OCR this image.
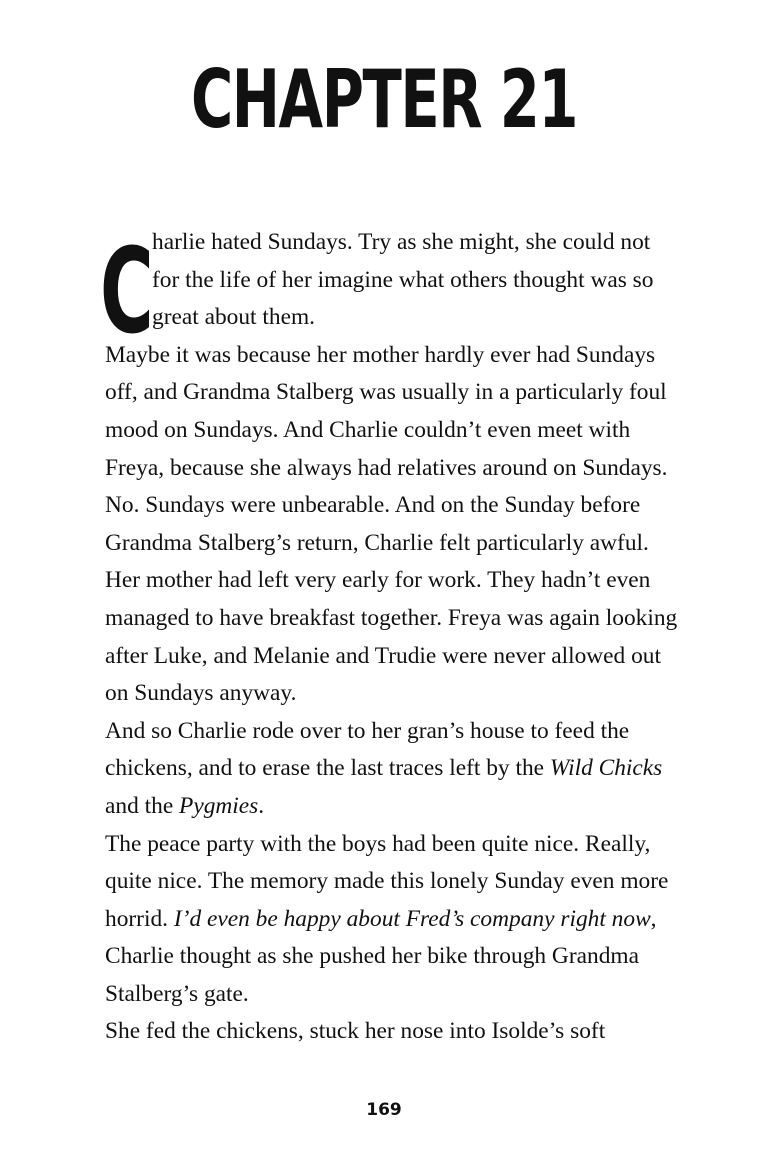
CHAPTER 21
C

harlie hated Sundays. Try as she might, she could not
for the life of her imagine what others thought was so
great about them.

Maybe it was because her mother hardly ever had Sundays
off, and Grandma Stalberg was usually in a particularly foul
mood on Sundays. And Charlie couldn’t even meet with
Freya, because she always had relatives around on Sundays.
No. Sundays were unbearable. And on the Sunday before
Grandma Stalberg’s return, Charlie felt particularly awful.

Her mother had left very early for work. They hadn’t even
managed to have breakfast together. Freya was again looking
after Luke, and Melanie and Trudie were never allowed out
on Sundays anyway.

And so Charlie rode over to her gran’s house to feed the
chickens, and to erase the last traces left by the Wild Chicks
and the Pygmies.

The peace party with the boys had been quite nice. Really,
quite nice. The memory made this lonely Sunday even more
horrid. I’d even be happy about Fred’s company right now,
Charlie thought as she pushed her bike through Grandma
Stalberg’s gate.

She fed the chickens, stuck her nose into Isolde’s soft

169
